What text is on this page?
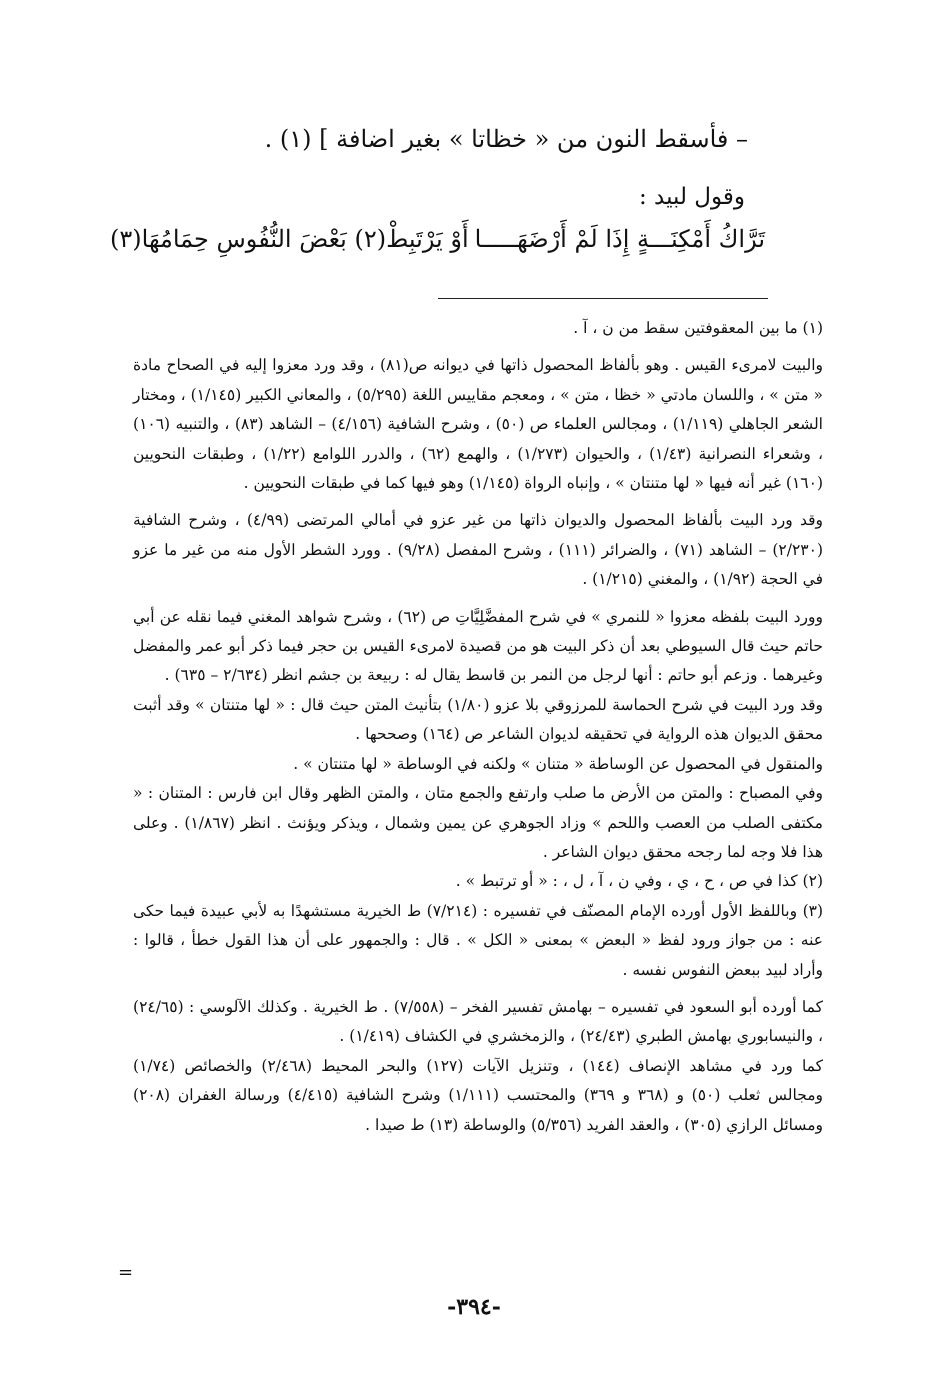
– فأسقط النون من « خظاتا » بغير اضافة ] (١) .
وقول لبيد :
تَرَّاكُ أَمْكِنَـــةٍ إِذَا لَمْ أَرْضَهَـــــا
أَوْ يَرْتَبِطْ(٢) بَعْضَ النُّفُوسِ حِمَامُهَا(٣)

(١) ما بين المعقوفتين سقط من ن ، آ .

والبيت لامرىء القيس . وهو بألفاظ المحصول ذاتها في ديوانه ص(٨١) ، وقد ورد معزوا إليه في الصحاح مادة « متن » ، واللسان مادتي « خظا ، متن » ، ومعجم مقاييس اللغة (٥/٢٩٥) ، والمعاني الكبير (١/١٤٥) ، ومختار الشعر الجاهلي (١/١١٩) ، ومجالس العلماء ص (٥٠) ، وشرح الشافية (٤/١٥٦) – الشاهد (٨٣) ، والتنبيه (١٠٦) ، وشعراء النصرانية (١/٤٣) ، والحيوان (١/٢٧٣) ، والهمع (٦٢) ، والدرر اللوامع (١/٢٢) ، وطبقات النحويين (١٦٠) غير أنه فيها « لها متنتان » ، وإنباه الرواة (١/١٤٥) وهو فيها كما في طبقات النحويين .

وقد ورد البيت بألفاظ المحصول والديوان ذاتها من غير عزو في أمالي المرتضى (٤/٩٩) ، وشرح الشافية (٢/٢٣٠) – الشاهد (٧١) ، والضرائر (١١١) ، وشرح المفصل (٩/٢٨) . وورد الشطر الأول منه من غير ما عزو في الحجة (١/٩٢) ، والمغني (١/٢١٥) .

وورد البيت بلفظه معزوا « للنمري » في شرح المفضَّلِيَّاتِ ص (٦٢) ، وشرح شواهد المغني فيما نقله عن أبي حاتم حيث قال السيوطي بعد أن ذكر البيت هو من قصيدة لامرىء القيس بن حجر فيما ذكر أبو عمر والمفضل وغيرهما . وزعم أبو حاتم : أنها لرجل من النمر بن قاسط يقال له : ربيعة بن جشم انظر (٢/٦٣٤ – ٦٣٥) .

وقد ورد البيت في شرح الحماسة للمرزوقي بلا عزو (١/٨٠) بتأنيث المتن حيث قال : « لها متنتان » وقد أثبت محقق الديوان هذه الرواية في تحقيقه لديوان الشاعر ص (١٦٤) وصححها .

والمنقول في المحصول عن الوساطة « متنان » ولكنه في الوساطة « لها متنتان » .

وفي المصباح : والمتن من الأرض ما صلب وارتفع والجمع متان ، والمتن الظهر وقال ابن فارس : المتنان : « مكتفى الصلب من العصب واللحم » وزاد الجوهري عن يمين وشمال ، ويذكر ويؤنث . انظر (١/٨٦٧) . وعلى هذا فلا وجه لما رجحه محقق ديوان الشاعر .

(٢) كذا في ص ، ح ، ي ، وفي ن ، آ ، ل ، : « أو ترتبط » .

(٣) وباللفظ الأول أورده الإمام المصنّف في تفسيره : (٧/٢١٤) ط الخيرية مستشهدًا به لأبي عبيدة فيما حكى عنه : من جواز ورود لفظ « البعض » بمعنى « الكل » . قال : والجمهور على أن هذا القول خطأ ، قالوا : وأراد لبيد ببعض النفوس نفسه .

كما أورده أبو السعود في تفسيره – بهامش تفسير الفخر – (٧/٥٥٨) . ط الخيرية . وكذلك الآلوسي : (٢٤/٦٥) ، والنيسابوري بهامش الطبري (٢٤/٤٣) ، والزمخشري في الكشاف (١/٤١٩) .

كما ورد في مشاهد الإنصاف (١٤٤) ، وتنزيل الآيات (١٢٧) والبحر المحيط (٢/٤٦٨) والخصائص (١/٧٤) ومجالس ثعلب (٥٠) و (٣٦٨ و ٣٦٩) والمحتسب (١/١١١) وشرح الشافية (٤/٤١٥) ورسالة الغفران (٢٠٨) ومسائل الرازي (٣٠٥) ، والعقد الفريد (٥/٣٥٦) والوساطة (١٣) ط صيدا .

=
-٣٩٤-
